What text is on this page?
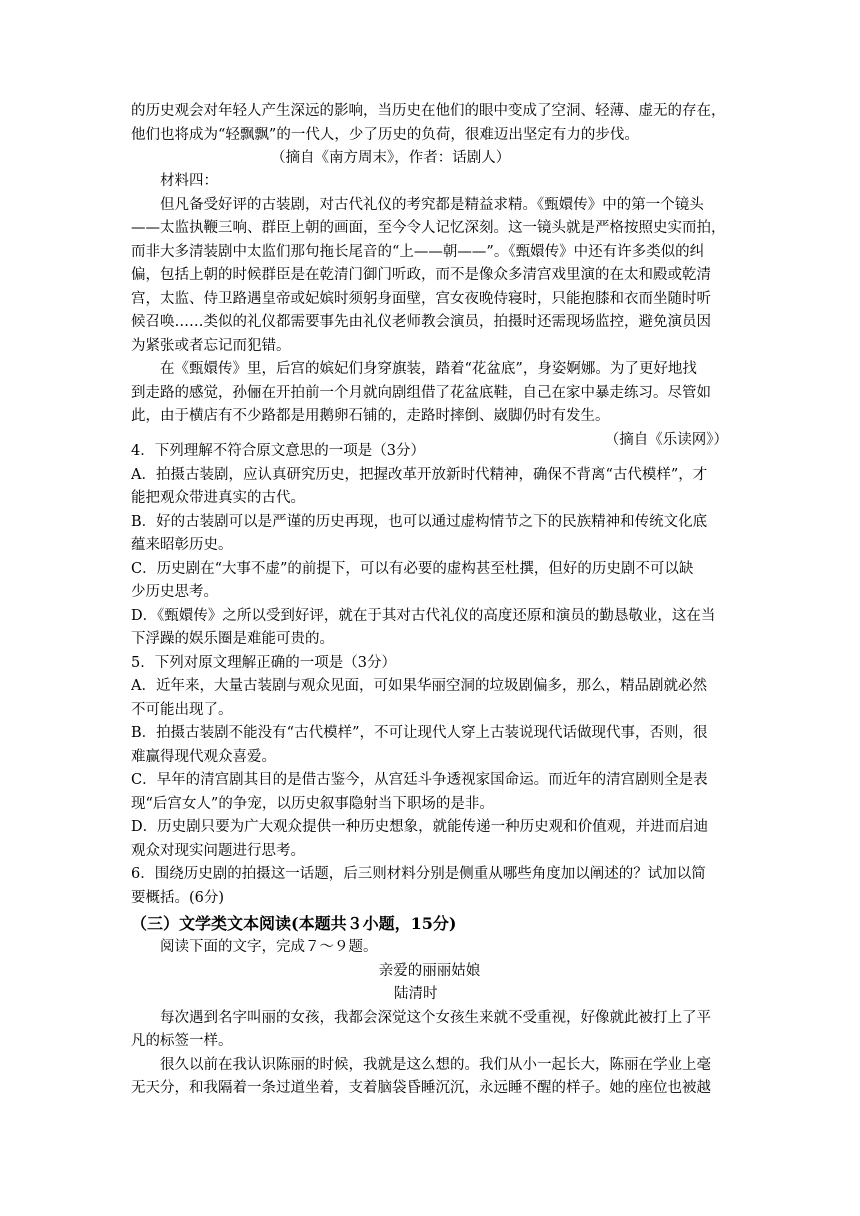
的历史观会对年轻人产生深远的影响，当历史在他们的眼中变成了空洞、轻薄、虚无的存在，
他们也将成为“轻飘飘”的一代人，少了历史的负荷，很难迈出坚定有力的步伐。
（摘自《南方周末》，作者：话剧人）
材料四：
但凡备受好评的古装剧，对古代礼仪的考究都是精益求精。《甄嬛传》中的第一个镜头
——太监执鞭三响、群臣上朝的画面，至今令人记忆深刻。这一镜头就是严格按照史实而拍，
而非大多清装剧中太监们那句拖长尾音的“上——朝——”。《甄嬛传》中还有许多类似的纠
偏，包括上朝的时候群臣是在乾清门御门听政，而不是像众多清宫戏里演的在太和殿或乾清
宫，太监、侍卫路遇皇帝或妃嫔时须躬身面壁，宫女夜晚侍寝时，只能抱膝和衣而坐随时听
候召唤……类似的礼仪都需要事先由礼仪老师教会演员，拍摄时还需现场监控，避免演员因
为紧张或者忘记而犯错。
在《甄嬛传》里，后宫的嫔妃们身穿旗装，踏着“花盆底”，身姿婀娜。为了更好地找
到走路的感觉，孙俪在开拍前一个月就向剧组借了花盆底鞋，自己在家中暴走练习。尽管如
此，由于横店有不少路都是用鹅卵石铺的，走路时摔倒、崴脚仍时有发生。
（摘自《乐读网》）
4．下列理解不符合原文意思的一项是（3分）
A．拍摄古装剧，应认真研究历史，把握改革开放新时代精神，确保不背离“古代模样”，才
能把观众带进真实的古代。
B．好的古装剧可以是严谨的历史再现，也可以通过虚构情节之下的民族精神和传统文化底
蕴来昭彰历史。
C．历史剧在“大事不虚”的前提下，可以有必要的虚构甚至杜撰，但好的历史剧不可以缺
少历史思考。
D．《甄嬛传》之所以受到好评，就在于其对古代礼仪的高度还原和演员的勤恳敬业，这在当
下浮躁的娱乐圈是难能可贵的。
5．下列对原文理解正确的一项是（3分）
A．近年来，大量古装剧与观众见面，可如果华丽空洞的垃圾剧偏多，那么，精品剧就必然
不可能出现了。
B．拍摄古装剧不能没有“古代模样”，不可让现代人穿上古装说现代话做现代事，否则，很
难赢得现代观众喜爱。
C．早年的清宫剧其目的是借古鉴今，从宫廷斗争透视家国命运。而近年的清宫剧则全是表
现“后宫女人”的争宠，以历史叙事隐射当下职场的是非。
D．历史剧只要为广大观众提供一种历史想象，就能传递一种历史观和价值观，并进而启迪
观众对现实问题进行思考。
6．围绕历史剧的拍摄这一话题，后三则材料分别是侧重从哪些角度加以阐述的？试加以简
要概括。(6分)
（三）文学类文本阅读(本题共３小题，15分)
阅读下面的文字，完成７～９题。
亲爱的丽丽姑娘
陆清时
每次遇到名字叫丽的女孩，我都会深觉这个女孩生来就不受重视，好像就此被打上了平
凡的标签一样。
很久以前在我认识陈丽的时候，我就是这么想的。我们从小一起长大，陈丽在学业上毫
无天分，和我隔着一条过道坐着，支着脑袋昏睡沉沉，永远睡不醒的样子。她的座位也被越
